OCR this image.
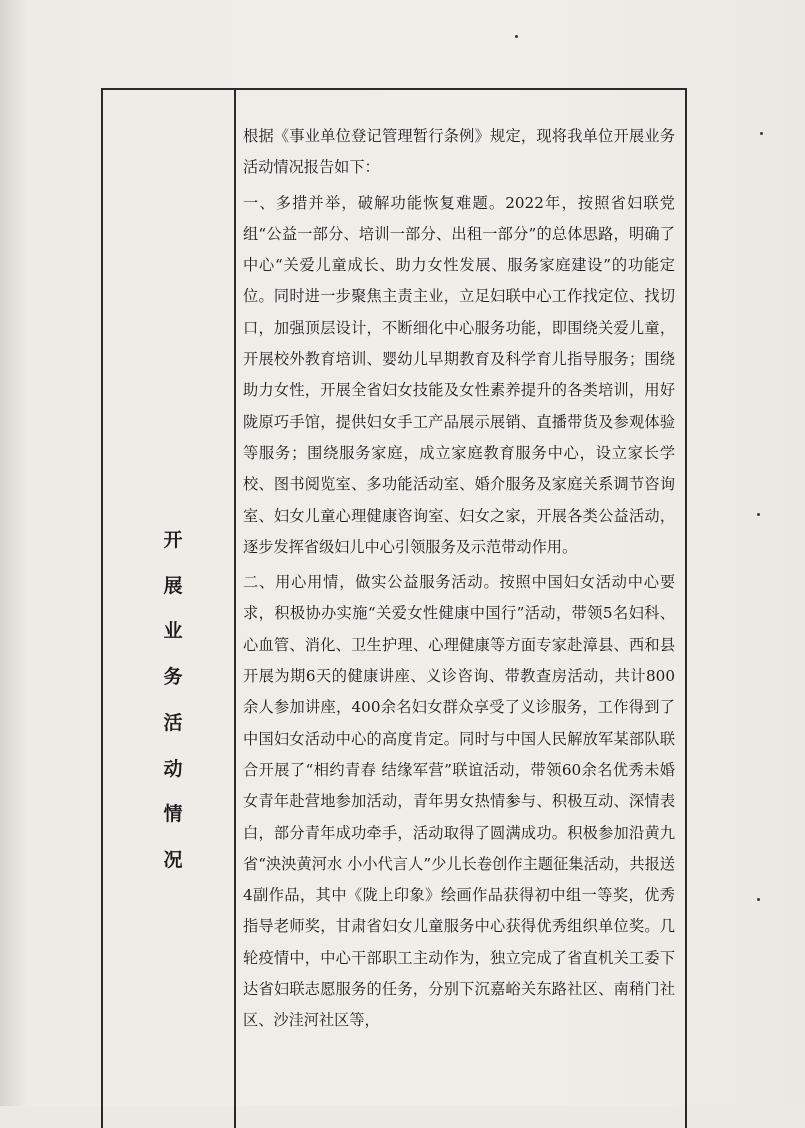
开展业务活动情况

根据《事业单位登记管理暂行条例》规定，现将我单位开展业务活动情况报告如下：

一、多措并举，破解功能恢复难题。2022年，按照省妇联党组“公益一部分、培训一部分、出租一部分”的总体思路，明确了中心“关爱儿童成长、助力女性发展、服务家庭建设”的功能定位。同时进一步聚焦主责主业，立足妇联中心工作找定位、找切口，加强顶层设计，不断细化中心服务功能，即围绕关爱儿童，开展校外教育培训、婴幼儿早期教育及科学育儿指导服务；围绕助力女性，开展全省妇女技能及女性素养提升的各类培训，用好陇原巧手馆，提供妇女手工产品展示展销、直播带货及参观体验等服务；围绕服务家庭，成立家庭教育服务中心，设立家长学校、图书阅览室、多功能活动室、婚介服务及家庭关系调节咨询室、妇女儿童心理健康咨询室、妇女之家，开展各类公益活动，逐步发挥省级妇儿中心引领服务及示范带动作用。

二、用心用情，做实公益服务活动。按照中国妇女活动中心要求，积极协办实施“关爱女性健康中国行”活动，带领5名妇科、心血管、消化、卫生护理、心理健康等方面专家赴漳县、西和县开展为期6天的健康讲座、义诊咨询、带教查房活动，共计800余人参加讲座，400余名妇女群众享受了义诊服务，工作得到了中国妇女活动中心的高度肯定。同时与中国人民解放军某部队联合开展了“相约青春 结缘军营”联谊活动，带领60余名优秀未婚女青年赴营地参加活动，青年男女热情参与、积极互动、深情表白，部分青年成功牵手，活动取得了圆满成功。积极参加沿黄九省“泱泱黄河水 小小代言人”少儿长卷创作主题征集活动，共报送4副作品，其中《陇上印象》绘画作品获得初中组一等奖，优秀指导老师奖，甘肃省妇女儿童服务中心获得优秀组织单位奖。几轮疫情中，中心干部职工主动作为，独立完成了省直机关工委下达省妇联志愿服务的任务，分别下沉嘉峪关东路社区、南稍门社区、沙洼河社区等，
